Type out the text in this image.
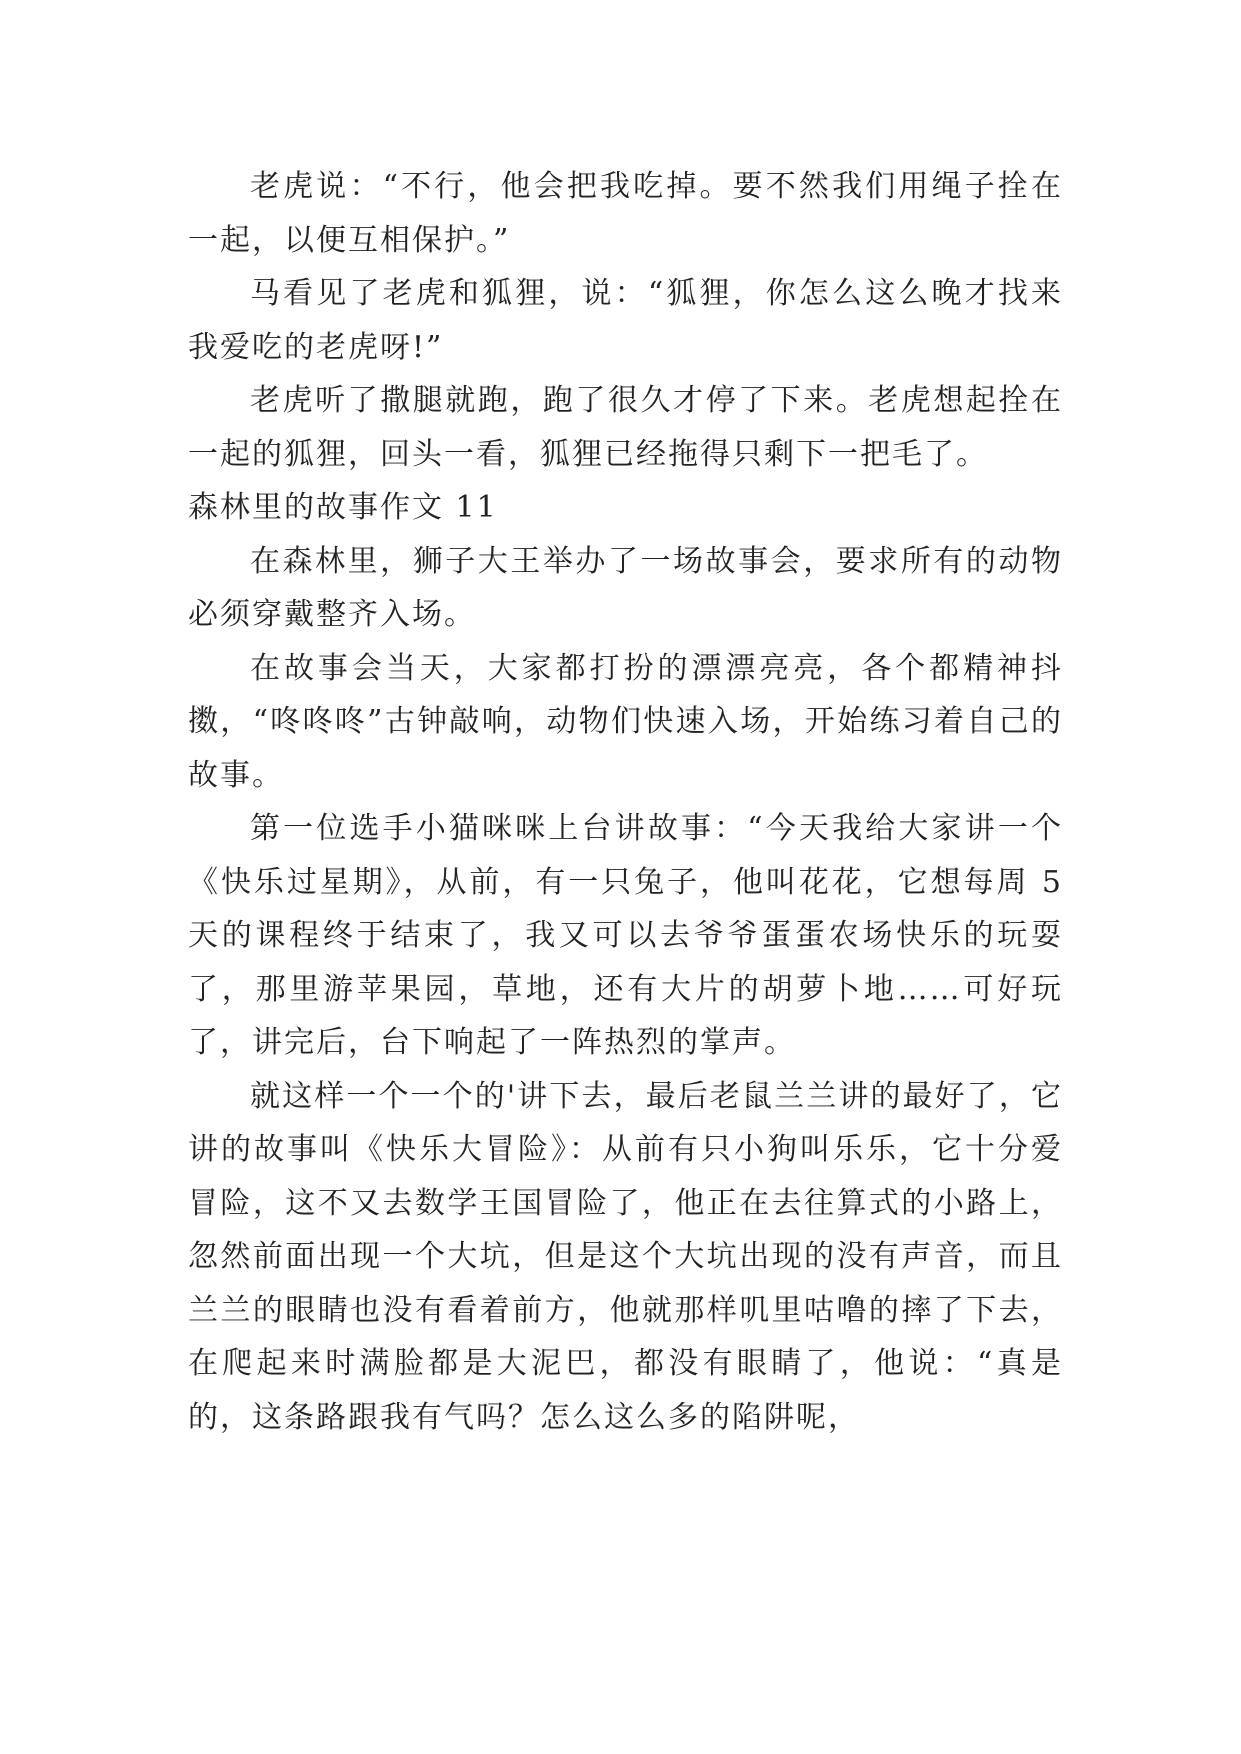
老虎说：“不行，他会把我吃掉。要不然我们用绳子拴在一起，以便互相保护。”

马看见了老虎和狐狸，说：“狐狸，你怎么这么晚才找来我爱吃的老虎呀!”

老虎听了撒腿就跑，跑了很久才停了下来。老虎想起拴在一起的狐狸，回头一看，狐狸已经拖得只剩下一把毛了。

森林里的故事作文 11

在森林里，狮子大王举办了一场故事会，要求所有的动物必须穿戴整齐入场。

在故事会当天，大家都打扮的漂漂亮亮，各个都精神抖擞，“咚咚咚”古钟敲响，动物们快速入场，开始练习着自己的故事。

第一位选手小猫咪咪上台讲故事：“今天我给大家讲一个《快乐过星期》，从前，有一只兔子，他叫花花，它想每周 5 天的课程终于结束了，我又可以去爷爷蛋蛋农场快乐的玩耍了，那里游苹果园，草地，还有大片的胡萝卜地……可好玩了，讲完后，台下响起了一阵热烈的掌声。

就这样一个一个的'讲下去，最后老鼠兰兰讲的最好了，它讲的故事叫《快乐大冒险》：从前有只小狗叫乐乐，它十分爱冒险，这不又去数学王国冒险了，他正在去往算式的小路上，忽然前面出现一个大坑，但是这个大坑出现的没有声音，而且兰兰的眼睛也没有看着前方，他就那样叽里咕噜的摔了下去，在爬起来时满脸都是大泥巴，都没有眼睛了，他说：“真是的，这条路跟我有气吗？怎么这么多的陷阱呢，
